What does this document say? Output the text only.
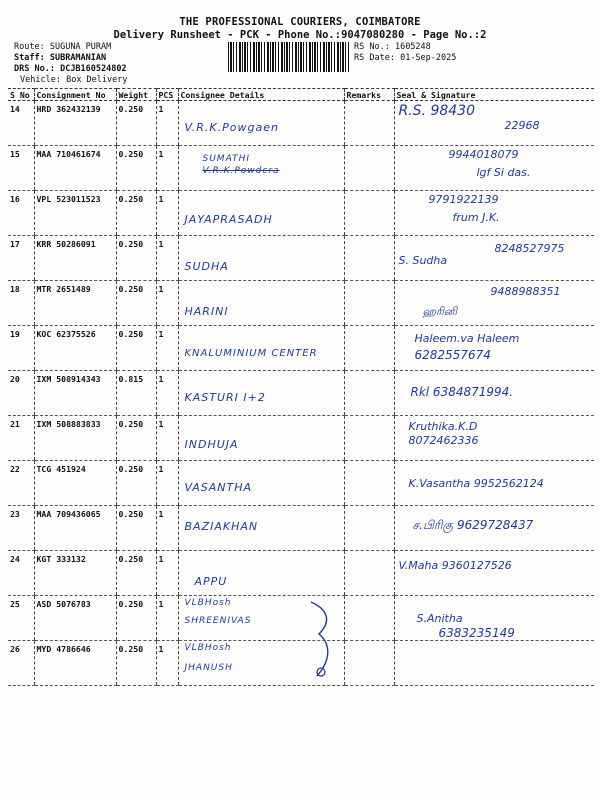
THE PROFESSIONAL COURIERS, COIMBATORE
Delivery Runsheet - PCK - Phone No.:9047080280 - Page No.:2
Route: SUGUNA PURAM
Staff: SUBRAMANIAN
DRS No.: DCJB160524802
Vehicle: Box Delivery
RS No.: 1605248
RS Date: 01-Sep-2025
S No	Consignment No	Weight	PCS	Consignee Details	Remarks	Seal & Signature
14	HRD 362432139	0.250	1	V.R.K.Powgaen		R.S. 98430
22968

15	MAA 710461674	0.250	1	SUMATHI
V.R.K.Powdcra		9944018079
lgf Si das.

16	VPL 523011523	0.250	1	JAYAPRASADH		9791922139
frum J.K.

17	KRR 50286091	0.250	1	SUDHA		S. Sudha
8248527975

18	MTR 2651489	0.250	1	HARINI		9488988351
ஹரினி

19	KOC 62375526	0.250	1	KNALUMINIUM CENTER		Haleem.va Haleem
6282557674

20	IXM 508914343	0.815	1	KASTURI I+2		Rkl 6384871994.

21	IXM 508883833	0.250	1	INDHUJA		Kruthika.K.D
8072462336

22	TCG 451924	0.250	1	VASANTHA		K.Vasantha 9952562124

23	MAA 709436065	0.250	1	BAZIAKHAN		ச.பிரிகு 9629728437

24	KGT 333132	0.250	1	APPU		V.Maha 9360127526

25	ASD 5076783	0.250	1	VLBHosh
SHREENIVAS		S.Anitha
6383235149

26	MYD 4786646	0.250	1	VLBHosh
JHANUSH		
